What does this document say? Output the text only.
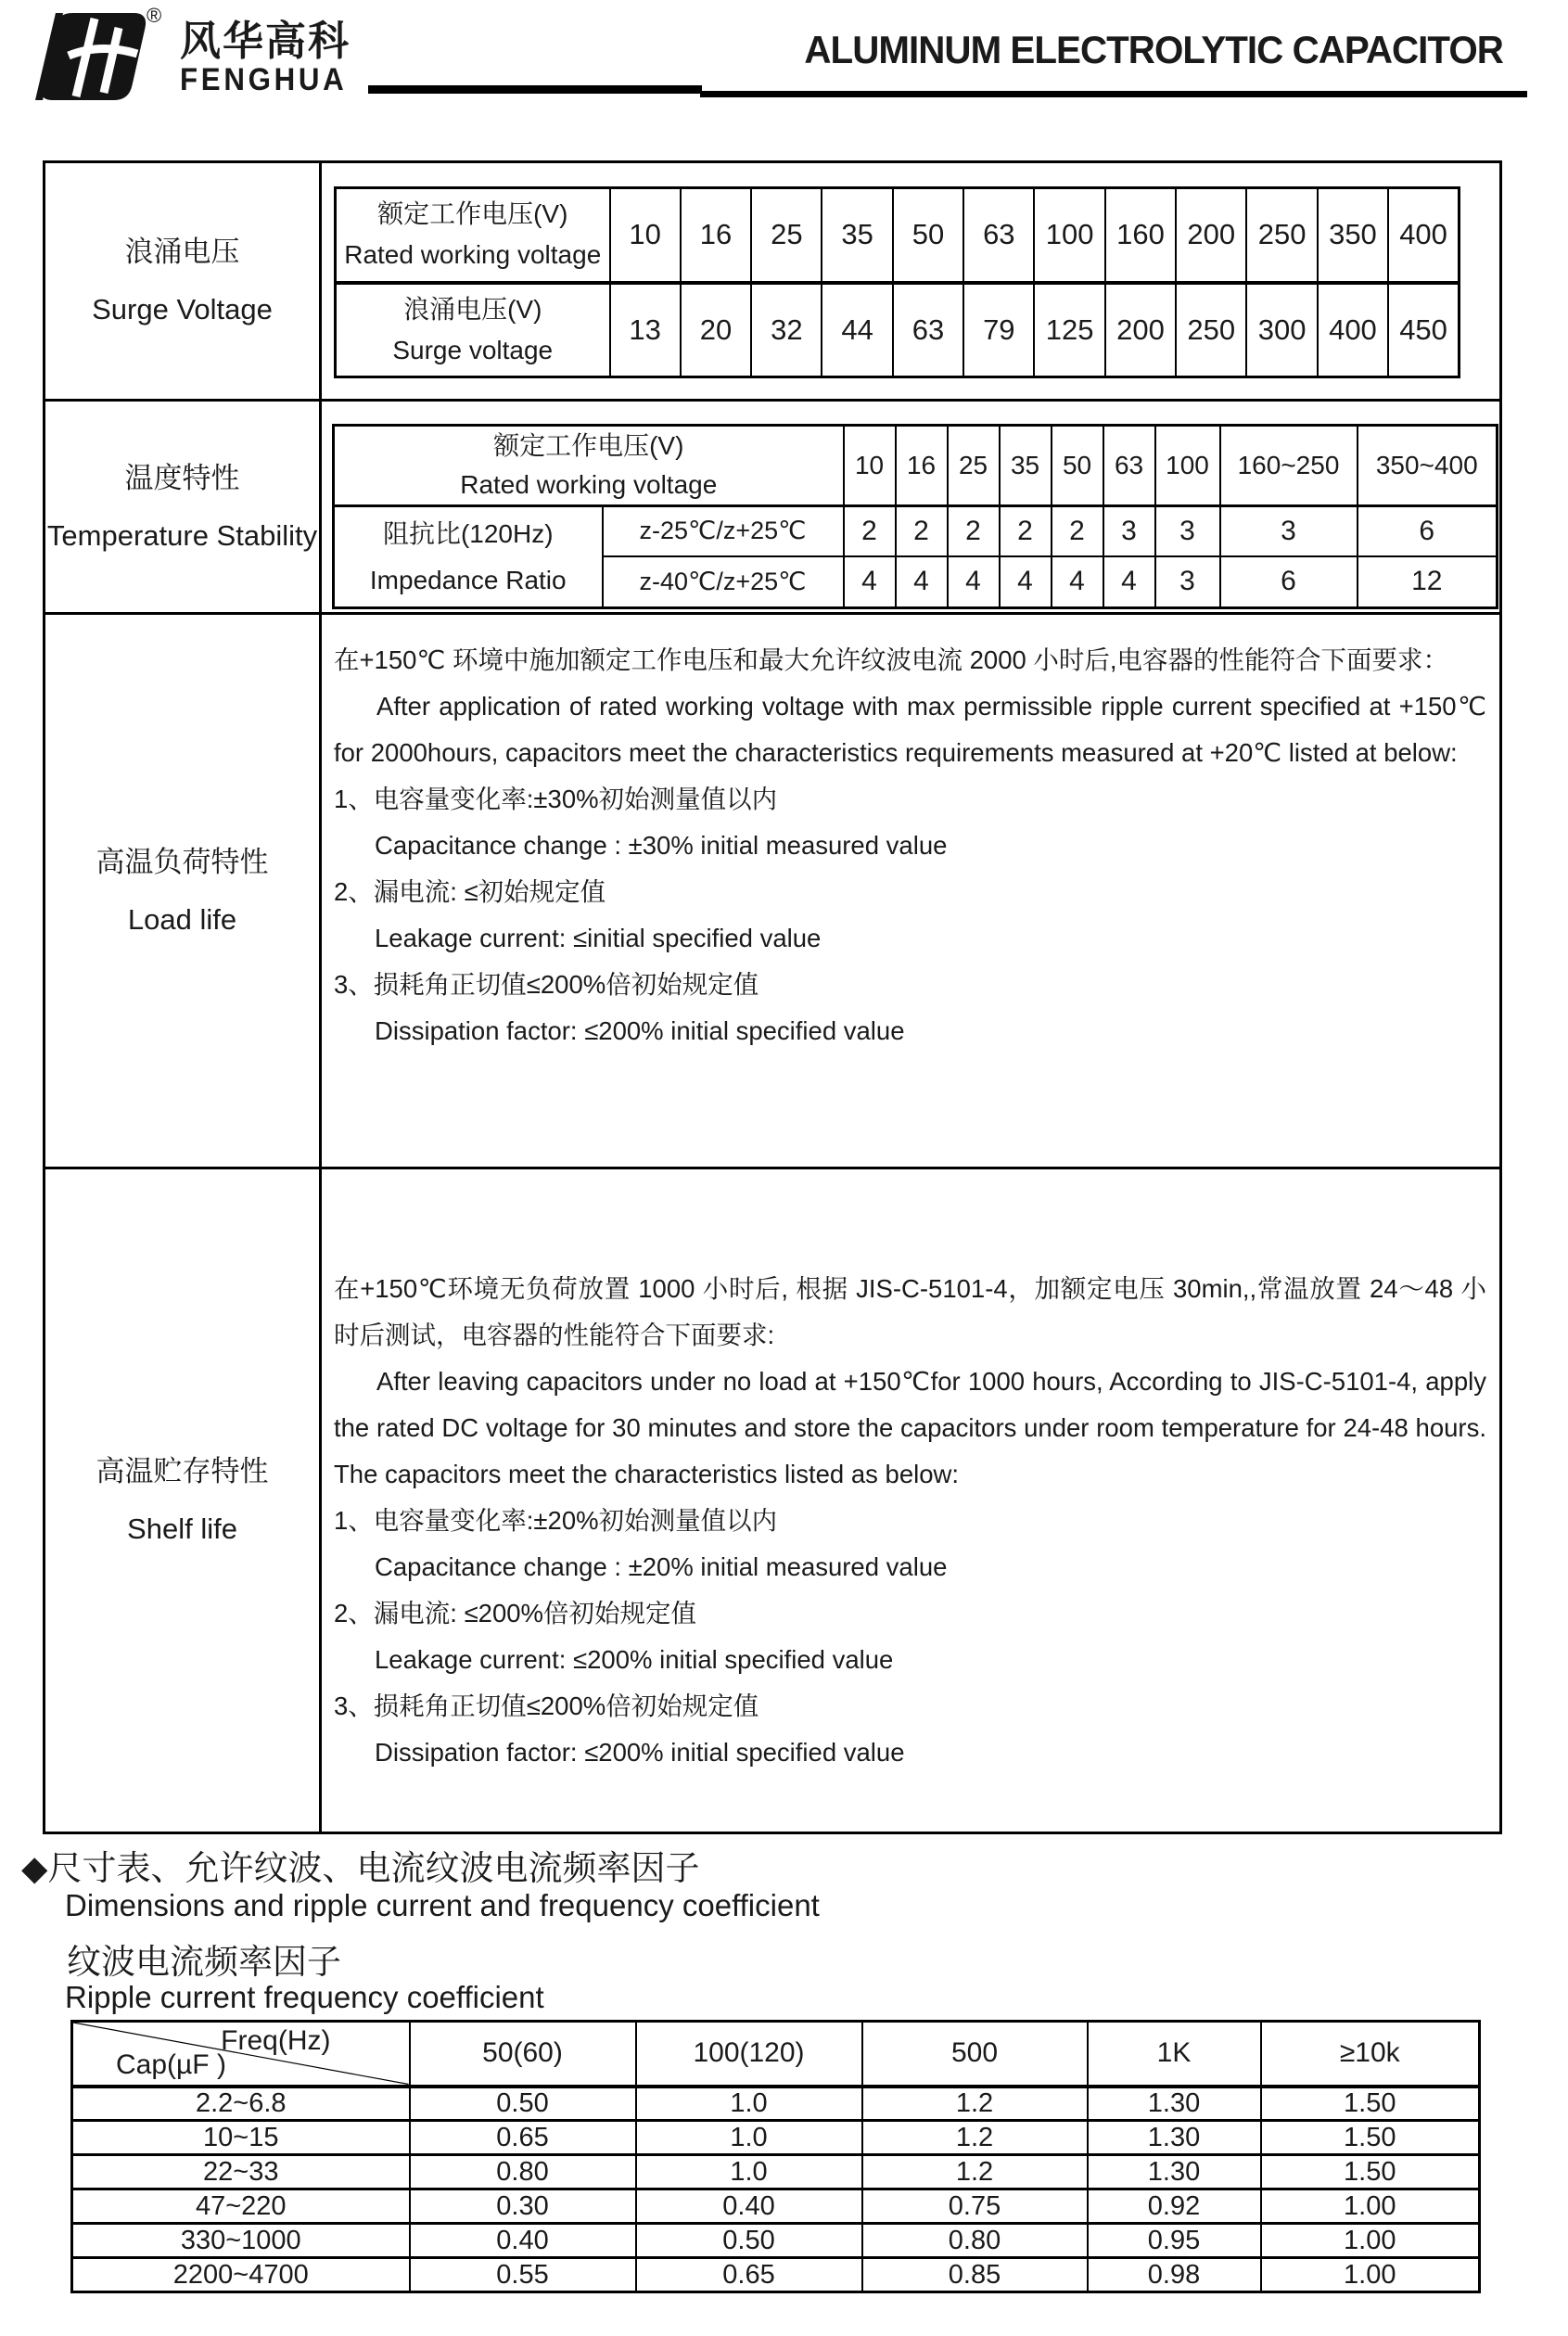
®
风华高科
FENGHUA
ALUMINUM ELECTROLYTIC CAPACITOR
浪涌电压
Surge Voltage

额定工作电压(V)
Rated working voltage
	10	16	25	35	50	63	100	160	200	250	350	400

浪涌电压(V)
Surge voltage
	13	20	32	44	63	79	125	200	250	300	400	450

温度特性
Temperature Stability

额定工作电压(V)
Rated working voltage
	10	16	25	35	50	63	100	160~250	350~400

阻抗比(120Hz)
Impedance Ratio
	z-25℃/z+25℃	2	2	2	2	2	3	3	3	6
z-40℃/z+25℃	4	4	4	4	4	4	3	6	12

高温负荷特性
Load life

在+150℃ 环境中施加额定工作电压和最大允许纹波电流 2000 小时后,电容器的性能符合下面要求：

After application of rated working voltage with max permissible ripple current specified at +150℃ for 2000hours, capacitors meet the characteristics requirements measured at +20℃ listed at below:

1、电容量变化率:±30%初始测量值以内
Capacitance change : ±30% initial measured value
2、漏电流: ≤初始规定值
Leakage current: ≤initial specified value
3、损耗角正切值≤200%倍初始规定值
Dissipation factor: ≤200% initial specified value

高温贮存特性
Shelf life

在+150℃环境无负荷放置 1000 小时后, 根据 JIS-C-5101-4，加额定电压 30min,,常温放置 24～48 小时后测试，电容器的性能符合下面要求:

After leaving capacitors under no load at +150℃for 1000 hours, According to JIS-C-5101-4, apply the rated DC voltage for 30 minutes and store the capacitors under room temperature for 24-48 hours. The capacitors meet the characteristics listed as below:

1、电容量变化率:±20%初始测量值以内
Capacitance change : ±20% initial measured value
2、漏电流: ≤200%倍初始规定值
Leakage current: ≤200% initial specified value
3、损耗角正切值≤200%倍初始规定值
Dissipation factor: ≤200% initial specified value
◆尺寸表、允许纹波、电流纹波电流频率因子
Dimensions and ripple current and frequency coefficient
纹波电流频率因子
Ripple current frequency coefficient
Freq(Hz)
Cap(µF )	50(60)	100(120)	500	1K	≥10k
2.2~6.8	0.50	1.0	1.2	1.30	1.50
10~15	0.65	1.0	1.2	1.30	1.50
22~33	0.80	1.0	1.2	1.30	1.50
47~220	0.30	0.40	0.75	0.92	1.00
330~1000	0.40	0.50	0.80	0.95	1.00
2200~4700	0.55	0.65	0.85	0.98	1.00
